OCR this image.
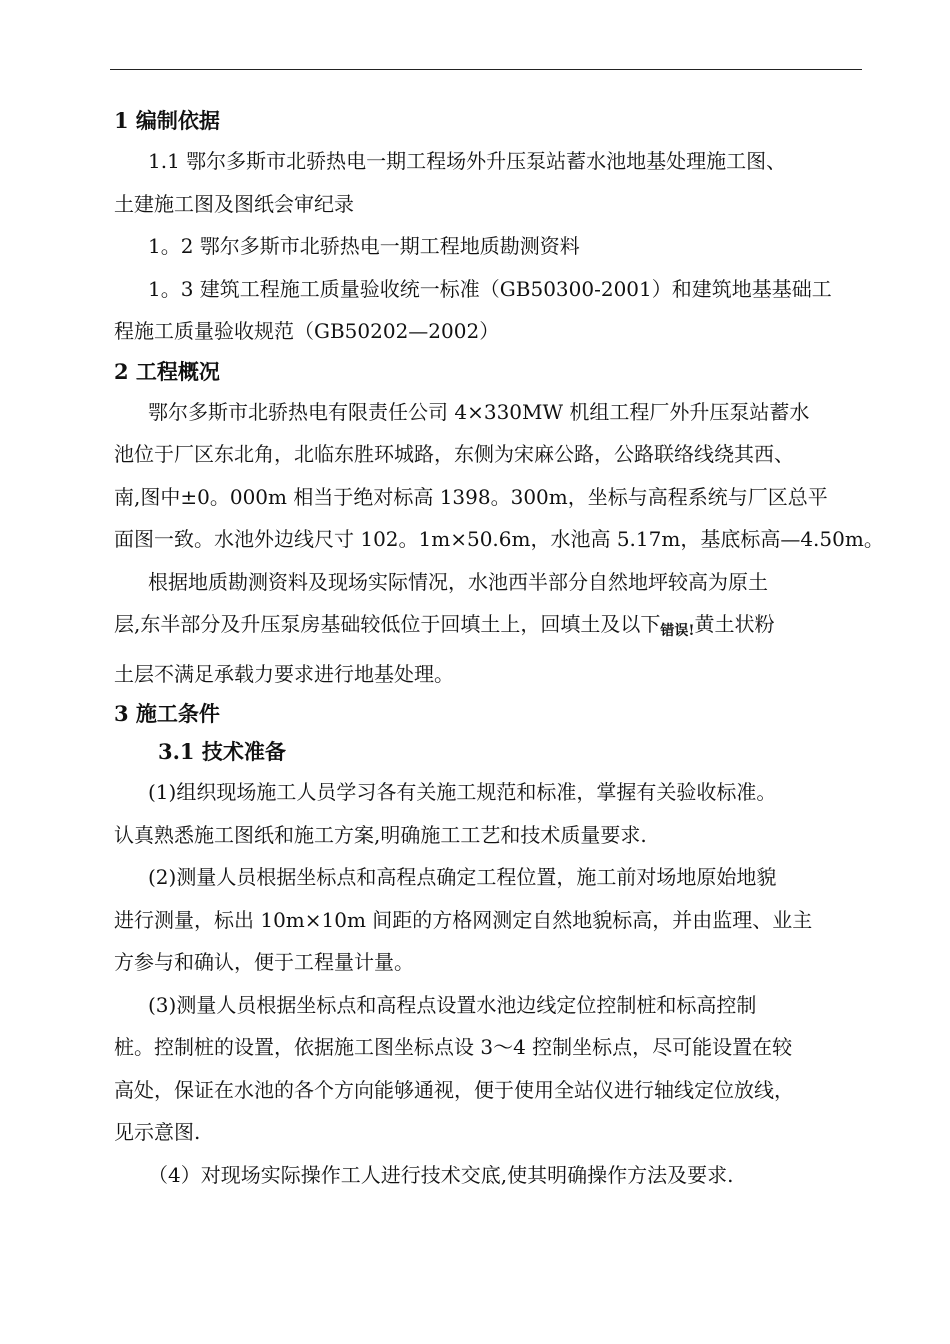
1 编制依据
1.1 鄂尔多斯市北骄热电一期工程场外升压泵站蓄水池地基处理施工图、
土建施工图及图纸会审纪录
1。2 鄂尔多斯市北骄热电一期工程地质勘测资料
1。3 建筑工程施工质量验收统一标准（GB50300-2001）和建筑地基基础工
程施工质量验收规范（GB50202—2002）
2 工程概况
鄂尔多斯市北骄热电有限责任公司 4×330MW 机组工程厂外升压泵站蓄水
池位于厂区东北角，北临东胜环城路，东侧为宋麻公路，公路联络线绕其西、
南,图中±0。000m 相当于绝对标高 1398。300m，坐标与高程系统与厂区总平
面图一致。水池外边线尺寸 102。1m×50.6m，水池高 5.17m，基底标高—4.50m。
根据地质勘测资料及现场实际情况，水池西半部分自然地坪较高为原土
层,东半部分及升压泵房基础较低位于回填土上，回填土及以下$_{错误!}$黄土状粉
土层不满足承载力要求进行地基处理。
3 施工条件
3.1 技术准备
(1)组织现场施工人员学习各有关施工规范和标准，掌握有关验收标准。
认真熟悉施工图纸和施工方案,明确施工工艺和技术质量要求.
(2)测量人员根据坐标点和高程点确定工程位置，施工前对场地原始地貌
进行测量，标出 10m×10m 间距的方格网测定自然地貌标高，并由监理、业主
方参与和确认，便于工程量计量。
(3)测量人员根据坐标点和高程点设置水池边线定位控制桩和标高控制
桩。控制桩的设置，依据施工图坐标点设 3～4 控制坐标点，尽可能设置在较
高处，保证在水池的各个方向能够通视，便于使用全站仪进行轴线定位放线，
见示意图.
（4）对现场实际操作工人进行技术交底,使其明确操作方法及要求.
